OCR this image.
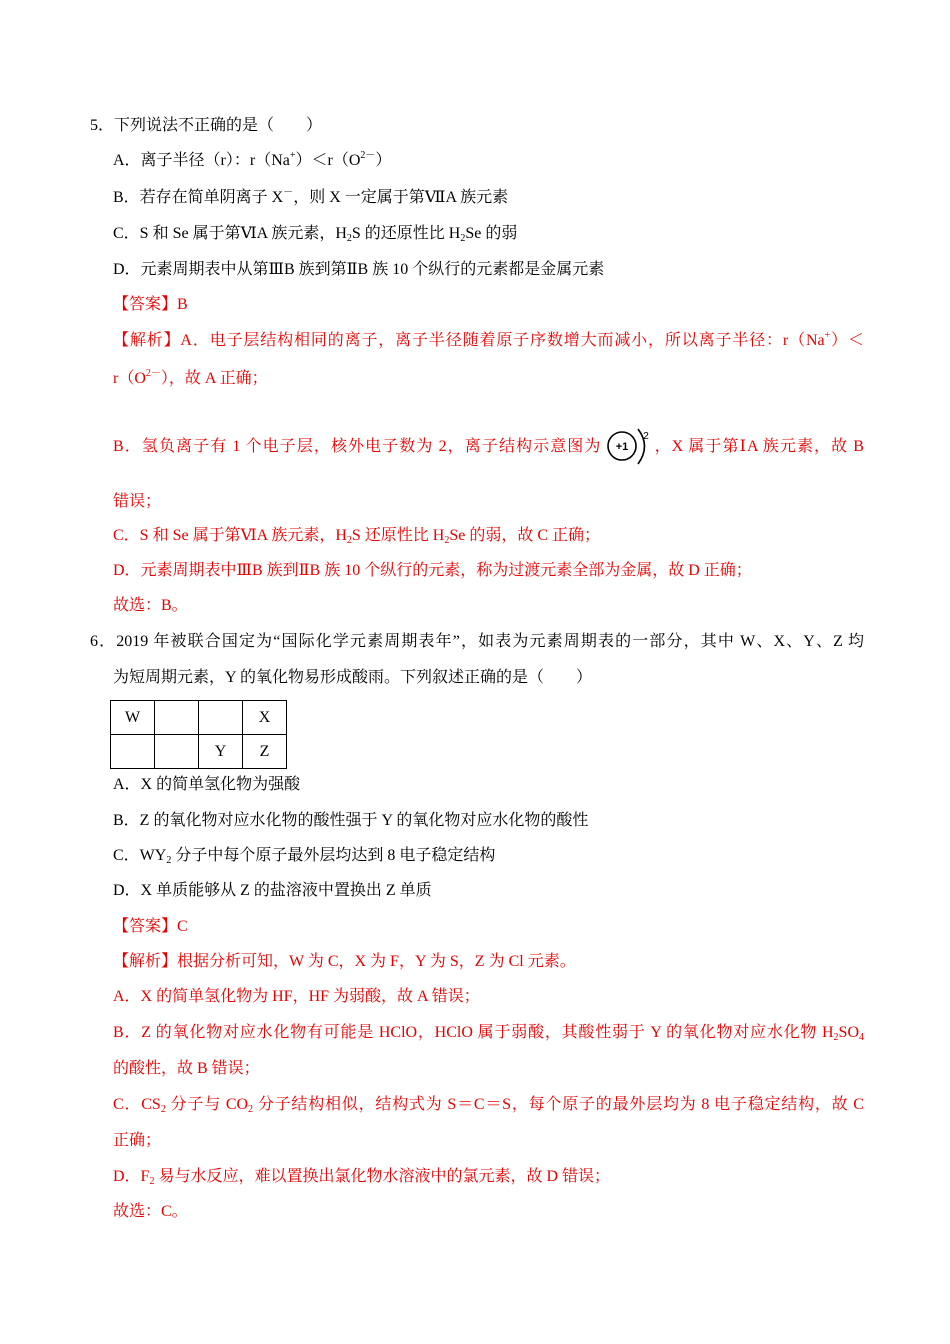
5．下列说法不正确的是（　　）
A．离子半径（r）：$r(Na^+)<r(O^{2-})$
B．若存在简单阴离子 X－，则 X 一定属于第ⅦA 族元素
C．S 和 Se 属于第ⅥA 族元素，$H_2S$ 的还原性比 $H_2Se$ 的弱
D．元素周期表中从第ⅢB 族到第ⅡB 族 10 个纵行的元素都是金属元素
【答案】B
【解析】A．电子层结构相同的离子，离子半径随着原子序数增大而减小，所以离子半径：r（Na+）＜
$r(O^{2-})$，故 A 正确；
B．氢负离子有 1 个电子层，核外电子数为 2，离子结构示意图为 +1
2
，X 属于第ⅠA 族元素，故 B
错误；
C．S 和 Se 属于第ⅥA 族元素，$H_2S$ 还原性比 $H_2Se$ 的弱，故 C 正确；
D．元素周期表中ⅢB 族到ⅡB 族 10 个纵行的元素，称为过渡元素全部为金属，故 D 正确；
故选：B。
6．2019 年被联合国定为“国际化学元素周期表年”，如表为元素周期表的一部分，其中 W、X、Y、Z 均
为短周期元素，Y 的氧化物易形成酸雨。下列叙述正确的是（　　）
W			X
		Y	Z
A．X 的简单氢化物为强酸
B．Z 的氧化物对应水化物的酸性强于 Y 的氧化物对应水化物的酸性
C．$WY_2$ 分子中每个原子最外层均达到 8 电子稳定结构
D．X 单质能够从 Z 的盐溶液中置换出 Z 单质
【答案】C
【解析】根据分析可知，W 为 C，X 为 F，Y 为 S，Z 为 Cl 元素。
A．X 的简单氢化物为 HF，HF 为弱酸，故 A 错误；
B．Z 的氧化物对应水化物有可能是 HClO，HClO 属于弱酸，其酸性弱于 Y 的氧化物对应水化物 $H_2SO_4$
的酸性，故 B 错误；
C．$CS_2$ 分子与 $CO_2$ 分子结构相似，结构式为 S＝C＝S，每个原子的最外层均为 8 电子稳定结构，故 C
正确；
D．$F_2$ 易与水反应，难以置换出氯化物水溶液中的氯元素，故 D 错误；
故选：C。
